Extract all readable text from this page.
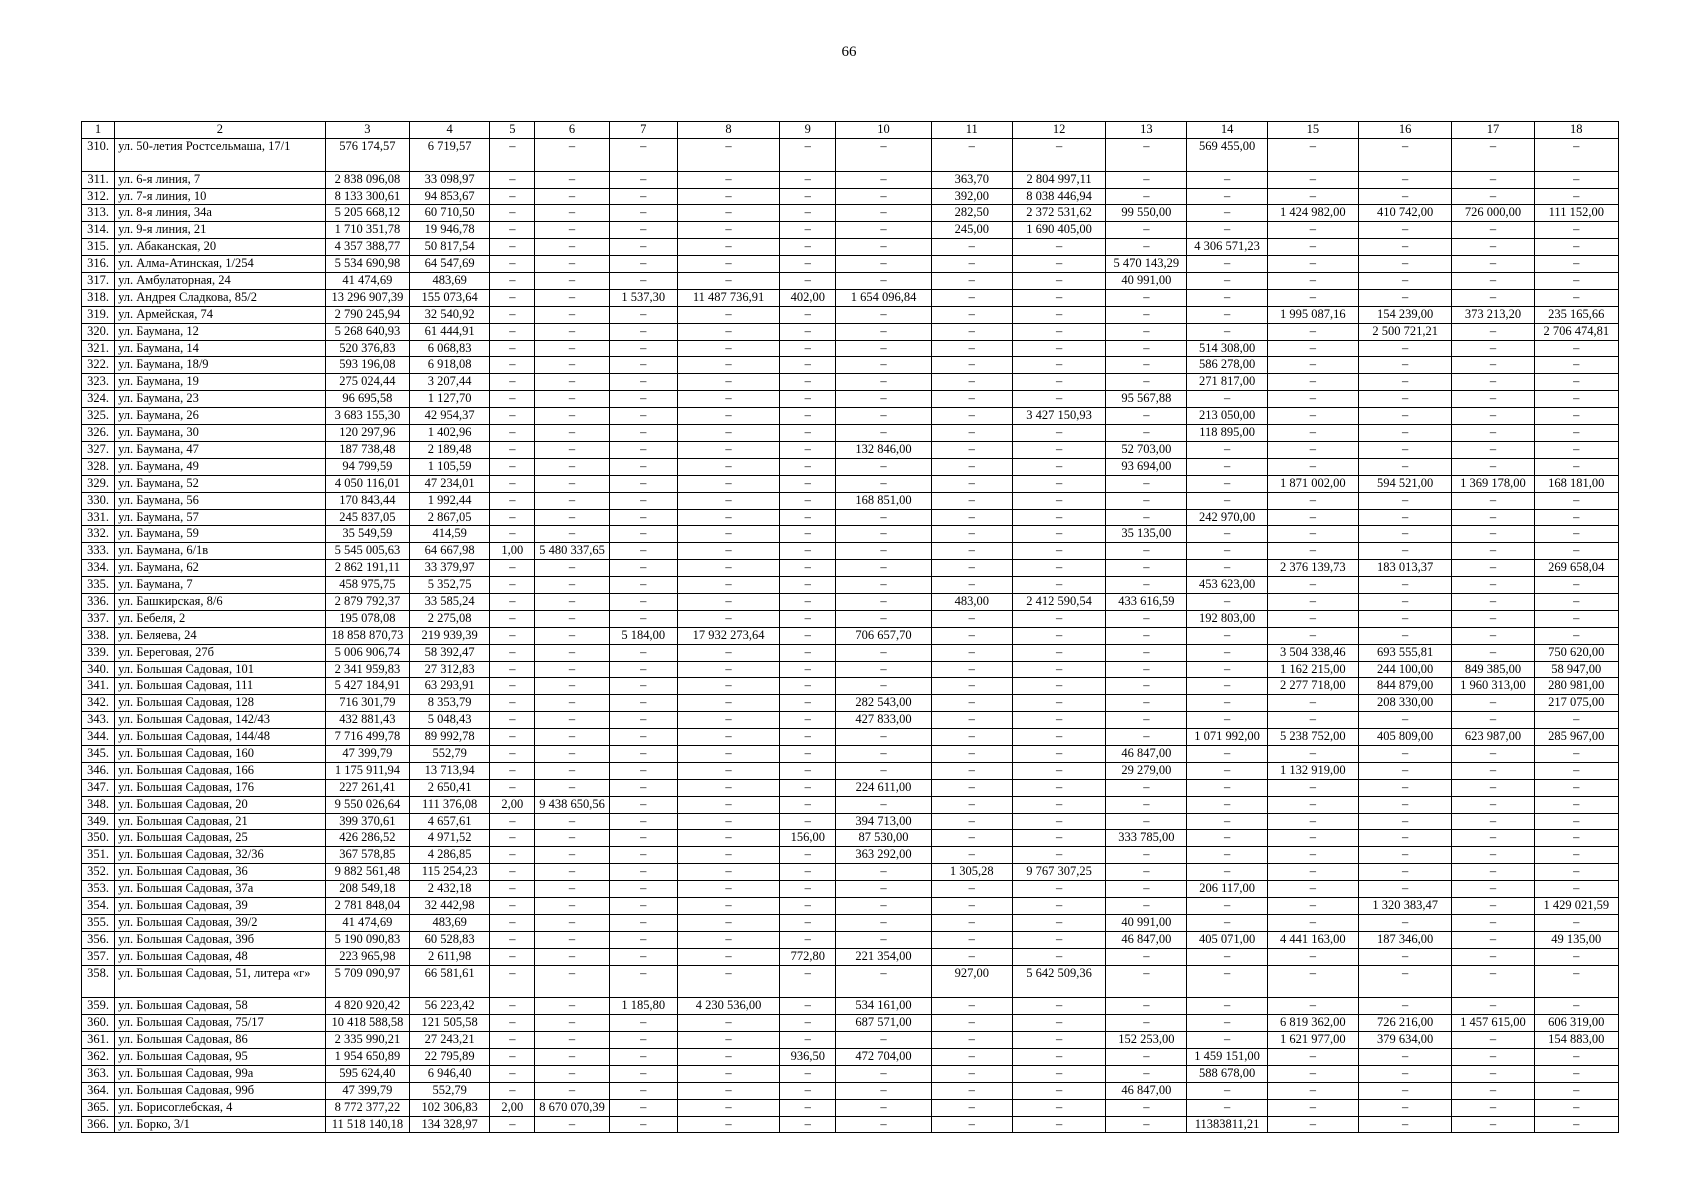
66
1	2	3	4	5	6	7	8	9	10	11	12	13	14	15	16	17	18
310.	ул. 50-летия Ростсельмаша, 17/1	576 174,57	6 719,57	–	–	–	–	–	–	–	–	–	569 455,00	–	–	–	–
311.	ул. 6-я линия, 7	2 838 096,08	33 098,97	–	–	–	–	–	–	363,70	2 804 997,11	–	–	–	–	–	–
312.	ул. 7-я линия, 10	8 133 300,61	94 853,67	–	–	–	–	–	–	392,00	8 038 446,94	–	–	–	–	–	–
313.	ул. 8-я линия, 34а	5 205 668,12	60 710,50	–	–	–	–	–	–	282,50	2 372 531,62	99 550,00	–	1 424 982,00	410 742,00	726 000,00	111 152,00
314.	ул. 9-я линия, 21	1 710 351,78	19 946,78	–	–	–	–	–	–	245,00	1 690 405,00	–	–	–	–	–	–
315.	ул. Абаканская, 20	4 357 388,77	50 817,54	–	–	–	–	–	–	–	–	–	4 306 571,23	–	–	–	–
316.	ул. Алма-Атинская, 1/254	5 534 690,98	64 547,69	–	–	–	–	–	–	–	–	5 470 143,29	–	–	–	–	–
317.	ул. Амбулаторная, 24	41 474,69	483,69	–	–	–	–	–	–	–	–	40 991,00	–	–	–	–	–
318.	ул. Андрея Сладкова, 85/2	13 296 907,39	155 073,64	–	–	1 537,30	11 487 736,91	402,00	1 654 096,84	–	–	–	–	–	–	–	–
319.	ул. Армейская, 74	2 790 245,94	32 540,92	–	–	–	–	–	–	–	–	–	–	1 995 087,16	154 239,00	373 213,20	235 165,66
320.	ул. Баумана, 12	5 268 640,93	61 444,91	–	–	–	–	–	–	–	–	–	–	–	2 500 721,21	–	2 706 474,81
321.	ул. Баумана, 14	520 376,83	6 068,83	–	–	–	–	–	–	–	–	–	514 308,00	–	–	–	–
322.	ул. Баумана, 18/9	593 196,08	6 918,08	–	–	–	–	–	–	–	–	–	586 278,00	–	–	–	–
323.	ул. Баумана, 19	275 024,44	3 207,44	–	–	–	–	–	–	–	–	–	271 817,00	–	–	–	–
324.	ул. Баумана, 23	96 695,58	1 127,70	–	–	–	–	–	–	–	–	95 567,88	–	–	–	–	–
325.	ул. Баумана, 26	3 683 155,30	42 954,37	–	–	–	–	–	–	–	3 427 150,93	–	213 050,00	–	–	–	–
326.	ул. Баумана, 30	120 297,96	1 402,96	–	–	–	–	–	–	–	–	–	118 895,00	–	–	–	–
327.	ул. Баумана, 47	187 738,48	2 189,48	–	–	–	–	–	132 846,00	–	–	52 703,00	–	–	–	–	–
328.	ул. Баумана, 49	94 799,59	1 105,59	–	–	–	–	–	–	–	–	93 694,00	–	–	–	–	–
329.	ул. Баумана, 52	4 050 116,01	47 234,01	–	–	–	–	–	–	–	–	–	–	1 871 002,00	594 521,00	1 369 178,00	168 181,00
330.	ул. Баумана, 56	170 843,44	1 992,44	–	–	–	–	–	168 851,00	–	–	–	–	–	–	–	–
331.	ул. Баумана, 57	245 837,05	2 867,05	–	–	–	–	–	–	–	–	–	242 970,00	–	–	–	–
332.	ул. Баумана, 59	35 549,59	414,59	–	–	–	–	–	–	–	–	35 135,00	–	–	–	–	–
333.	ул. Баумана, 6/1в	5 545 005,63	64 667,98	1,00	5 480 337,65	–	–	–	–	–	–	–	–	–	–	–	–
334.	ул. Баумана, 62	2 862 191,11	33 379,97	–	–	–	–	–	–	–	–	–	–	2 376 139,73	183 013,37	–	269 658,04
335.	ул. Баумана, 7	458 975,75	5 352,75	–	–	–	–	–	–	–	–	–	453 623,00	–	–	–	–
336.	ул. Башкирская, 8/6	2 879 792,37	33 585,24	–	–	–	–	–	–	483,00	2 412 590,54	433 616,59	–	–	–	–	–
337.	ул. Бебеля, 2	195 078,08	2 275,08	–	–	–	–	–	–	–	–	–	192 803,00	–	–	–	–
338.	ул. Беляева, 24	18 858 870,73	219 939,39	–	–	5 184,00	17 932 273,64	–	706 657,70	–	–	–	–	–	–	–	–
339.	ул. Береговая, 27б	5 006 906,74	58 392,47	–	–	–	–	–	–	–	–	–	–	3 504 338,46	693 555,81	–	750 620,00
340.	ул. Большая Садовая, 101	2 341 959,83	27 312,83	–	–	–	–	–	–	–	–	–	–	1 162 215,00	244 100,00	849 385,00	58 947,00
341.	ул. Большая Садовая, 111	5 427 184,91	63 293,91	–	–	–	–	–	–	–	–	–	–	2 277 718,00	844 879,00	1 960 313,00	280 981,00
342.	ул. Большая Садовая, 128	716 301,79	8 353,79	–	–	–	–	–	282 543,00	–	–	–	–	–	208 330,00	–	217 075,00
343.	ул. Большая Садовая, 142/43	432 881,43	5 048,43	–	–	–	–	–	427 833,00	–	–	–	–	–	–	–	–
344.	ул. Большая Садовая, 144/48	7 716 499,78	89 992,78	–	–	–	–	–	–	–	–	–	1 071 992,00	5 238 752,00	405 809,00	623 987,00	285 967,00
345.	ул. Большая Садовая, 160	47 399,79	552,79	–	–	–	–	–	–	–	–	46 847,00	–	–	–	–	–
346.	ул. Большая Садовая, 166	1 175 911,94	13 713,94	–	–	–	–	–	–	–	–	29 279,00	–	1 132 919,00	–	–	–
347.	ул. Большая Садовая, 176	227 261,41	2 650,41	–	–	–	–	–	224 611,00	–	–	–	–	–	–	–	–
348.	ул. Большая Садовая, 20	9 550 026,64	111 376,08	2,00	9 438 650,56	–	–	–	–	–	–	–	–	–	–	–	–
349.	ул. Большая Садовая, 21	399 370,61	4 657,61	–	–	–	–	–	394 713,00	–	–	–	–	–	–	–	–
350.	ул. Большая Садовая, 25	426 286,52	4 971,52	–	–	–	–	156,00	87 530,00	–	–	333 785,00	–	–	–	–	–
351.	ул. Большая Садовая, 32/36	367 578,85	4 286,85	–	–	–	–	–	363 292,00	–	–	–	–	–	–	–	–
352.	ул. Большая Садовая, 36	9 882 561,48	115 254,23	–	–	–	–	–	–	1 305,28	9 767 307,25	–	–	–	–	–	–
353.	ул. Большая Садовая, 37а	208 549,18	2 432,18	–	–	–	–	–	–	–	–	–	206 117,00	–	–	–	–
354.	ул. Большая Садовая, 39	2 781 848,04	32 442,98	–	–	–	–	–	–	–	–	–	–	–	1 320 383,47	–	1 429 021,59
355.	ул. Большая Садовая, 39/2	41 474,69	483,69	–	–	–	–	–	–	–	–	40 991,00	–	–	–	–	–
356.	ул. Большая Садовая, 39б	5 190 090,83	60 528,83	–	–	–	–	–	–	–	–	46 847,00	405 071,00	4 441 163,00	187 346,00	–	49 135,00
357.	ул. Большая Садовая, 48	223 965,98	2 611,98	–	–	–	–	772,80	221 354,00	–	–	–	–	–	–	–	–
358.	ул. Большая Садовая, 51, литера «г»	5 709 090,97	66 581,61	–	–	–	–	–	–	927,00	5 642 509,36	–	–	–	–	–	–
359.	ул. Большая Садовая, 58	4 820 920,42	56 223,42	–	–	1 185,80	4 230 536,00	–	534 161,00	–	–	–	–	–	–	–	–
360.	ул. Большая Садовая, 75/17	10 418 588,58	121 505,58	–	–	–	–	–	687 571,00	–	–	–	–	6 819 362,00	726 216,00	1 457 615,00	606 319,00
361.	ул. Большая Садовая, 86	2 335 990,21	27 243,21	–	–	–	–	–	–	–	–	152 253,00	–	1 621 977,00	379 634,00	–	154 883,00
362.	ул. Большая Садовая, 95	1 954 650,89	22 795,89	–	–	–	–	936,50	472 704,00	–	–	–	1 459 151,00	–	–	–	–
363.	ул. Большая Садовая, 99а	595 624,40	6 946,40	–	–	–	–	–	–	–	–	–	588 678,00	–	–	–	–
364.	ул. Большая Садовая, 99б	47 399,79	552,79	–	–	–	–	–	–	–	–	46 847,00	–	–	–	–	–
365.	ул. Борисоглебская, 4	8 772 377,22	102 306,83	2,00	8 670 070,39	–	–	–	–	–	–	–	–	–	–	–	–
366.	ул. Борко, 3/1	11 518 140,18	134 328,97	–	–	–	–	–	–	–	–	–	11383811,21	–	–	–	–
